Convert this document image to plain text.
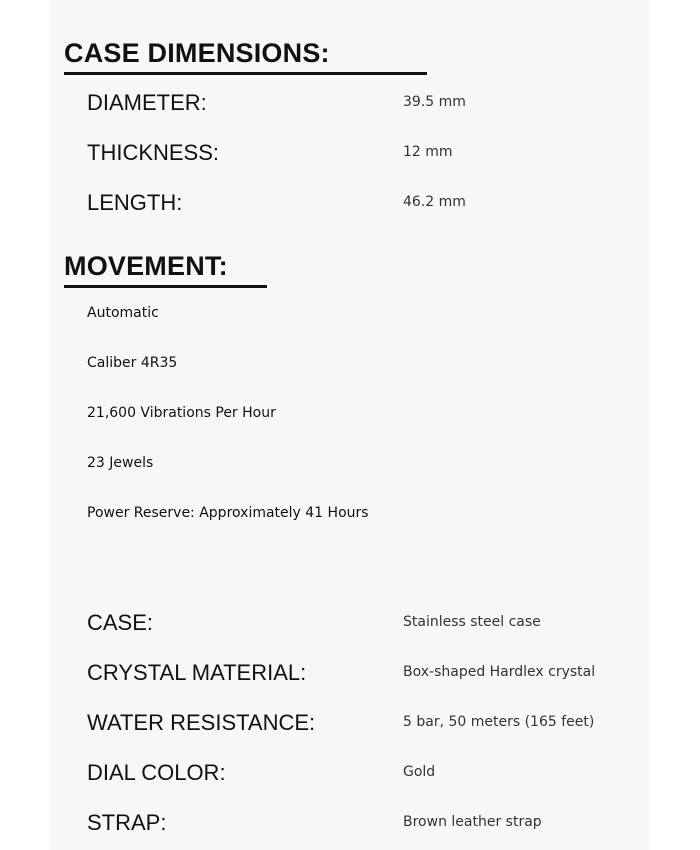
CASE DIMENSIONS:
DIAMETER:	39.5 mm
THICKNESS:	12 mm
LENGTH:	46.2 mm
MOVEMENT:
Automatic
Caliber 4R35
21,600 Vibrations Per Hour
23 Jewels
Power Reserve: Approximately 41 Hours
CASE:	Stainless steel case
CRYSTAL MATERIAL:	Box-shaped Hardlex crystal
WATER RESISTANCE:	5 bar, 50 meters (165 feet)
DIAL COLOR:	Gold
STRAP:	Brown leather strap
